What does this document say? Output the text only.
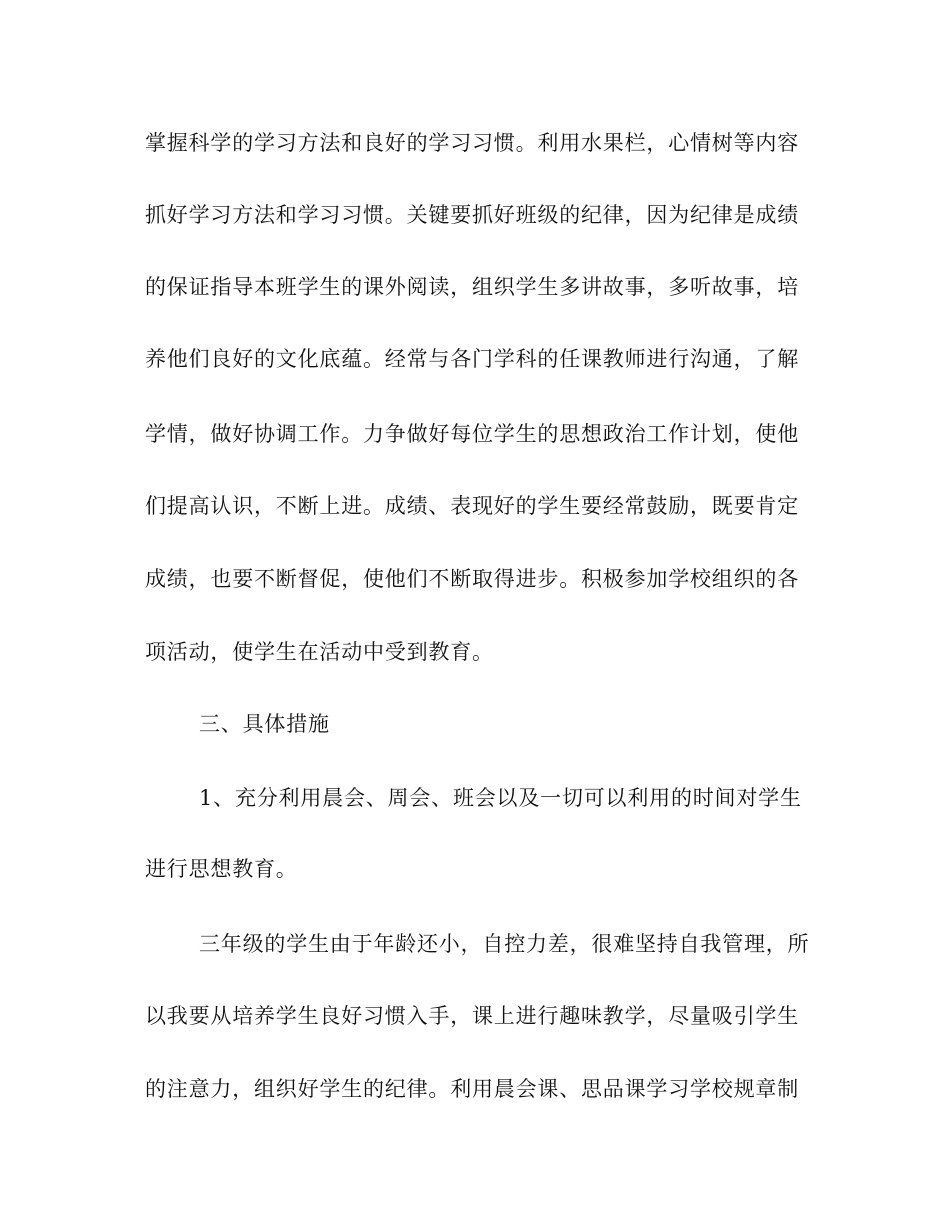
掌握科学的学习方法和良好的学习习惯。利用水果栏，心情树等内容
抓好学习方法和学习习惯。关键要抓好班级的纪律，因为纪律是成绩
的保证指导本班学生的课外阅读，组织学生多讲故事，多听故事，培
养他们良好的文化底蕴。经常与各门学科的任课教师进行沟通，了解
学情，做好协调工作。力争做好每位学生的思想政治工作计划，使他
们提高认识，不断上进。成绩、表现好的学生要经常鼓励，既要肯定
成绩，也要不断督促，使他们不断取得进步。积极参加学校组织的各
项活动，使学生在活动中受到教育。
三、具体措施
1、充分利用晨会、周会、班会以及一切可以利用的时间对学生
进行思想教育。
三年级的学生由于年龄还小，自控力差，很难坚持自我管理，所
以我要从培养学生良好习惯入手，课上进行趣味教学，尽量吸引学生
的注意力，组织好学生的纪律。利用晨会课、思品课学习学校规章制
